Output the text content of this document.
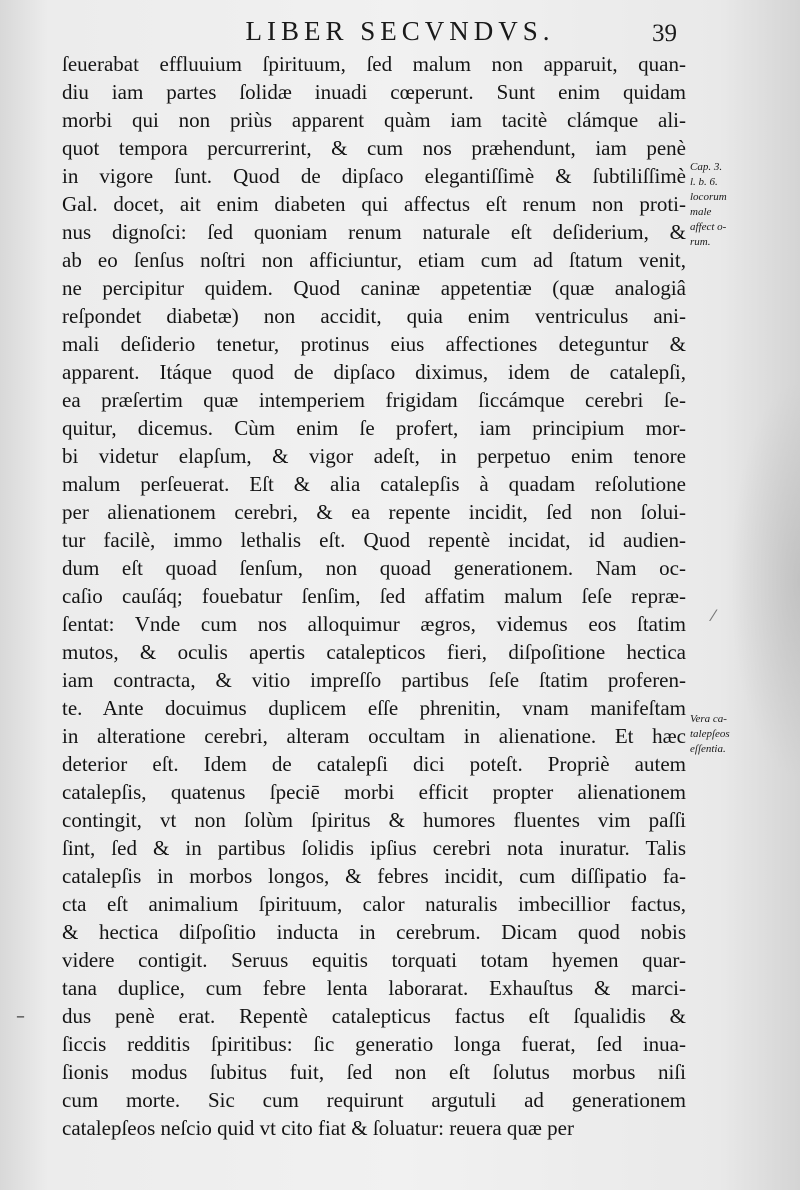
LIBER SECVNDVS.	39
ſeuerabat effluuium ſpirituum, ſed malum non apparuit, quan-
diu iam partes ſolidæ inuadi cœperunt. Sunt enim quidam
morbi qui non priùs apparent quàm iam tacitè clámque ali-
quot tempora percurrerint, & cum nos præhendunt, iam penè
in vigore ſunt. Quod de dipſaco elegantiſſimè & ſubtiliſſimè
Gal. docet, ait enim diabeten qui affectus eſt renum non proti-
nus dignoſci: ſed quoniam renum naturale eſt deſiderium, &
ab eo ſenſus noſtri non afficiuntur, etiam cum ad ſtatum venit,
ne percipitur quidem. Quod caninæ appetentiæ (quæ analogiâ
reſpondet diabetæ) non accidit, quia enim ventriculus ani-
mali deſiderio tenetur, protinus eius affectiones deteguntur &
apparent. Itáque quod de dipſaco diximus, idem de catalepſi,
ea præſertim quæ intemperiem frigidam ſiccámque cerebri ſe-
quitur, dicemus. Cùm enim ſe profert, iam principium mor-
bi videtur elapſum, & vigor adeſt, in perpetuo enim tenore
malum perſeuerat. Eſt & alia catalepſis à quadam reſolutione
per alienationem cerebri, & ea repente incidit, ſed non ſolui-
tur facilè, immo lethalis eſt. Quod repentè incidat, id audien-
dum eſt quoad ſenſum, non quoad generationem. Nam oc-
caſio cauſáq; fouebatur ſenſim, ſed affatim malum ſeſe repræ-
ſentat: Vnde cum nos alloquimur ægros, videmus eos ſtatim
mutos, & oculis apertis catalepticos fieri, diſpoſitione hectica
iam contracta, & vitio impreſſo partibus ſeſe ſtatim proferen-
te. Ante docuimus duplicem eſſe phrenitin, vnam manifeſtam
in alteratione cerebri, alteram occultam in alienatione. Et hæc
deterior eſt. Idem de catalepſi dici poteſt. Propriè autem
catalepſis, quatenus ſpeciē morbi efficit propter alienationem
contingit, vt non ſolùm ſpiritus & humores fluentes vim paſſi
ſint, ſed & in partibus ſolidis ipſius cerebri nota inuratur. Talis
catalepſis in morbos longos, & febres incidit, cum diſſipatio fa-
cta eſt animalium ſpirituum, calor naturalis imbecillior factus,
& hectica diſpoſitio inducta in cerebrum. Dicam quod nobis
videre contigit. Seruus equitis torquati totam hyemen quar-
tana duplice, cum febre lenta laborarat. Exhauſtus & marci-
dus penè erat. Repentè catalepticus factus eſt ſqualidis &
ſiccis redditis ſpiritibus: ſic generatio longa fuerat, ſed inua-
ſionis modus ſubitus fuit, ſed non eſt ſolutus morbus niſi
cum morte. Sic cum requirunt argutuli ad generationem
catalepſeos neſcio quid vt cito fiat & ſoluatur: reuera quæ per
Cap. 3.
l. b. 6.
locorum
male
affect o-
rum.
Vera ca-
talepſeos
eſſentia.
–
⁄
